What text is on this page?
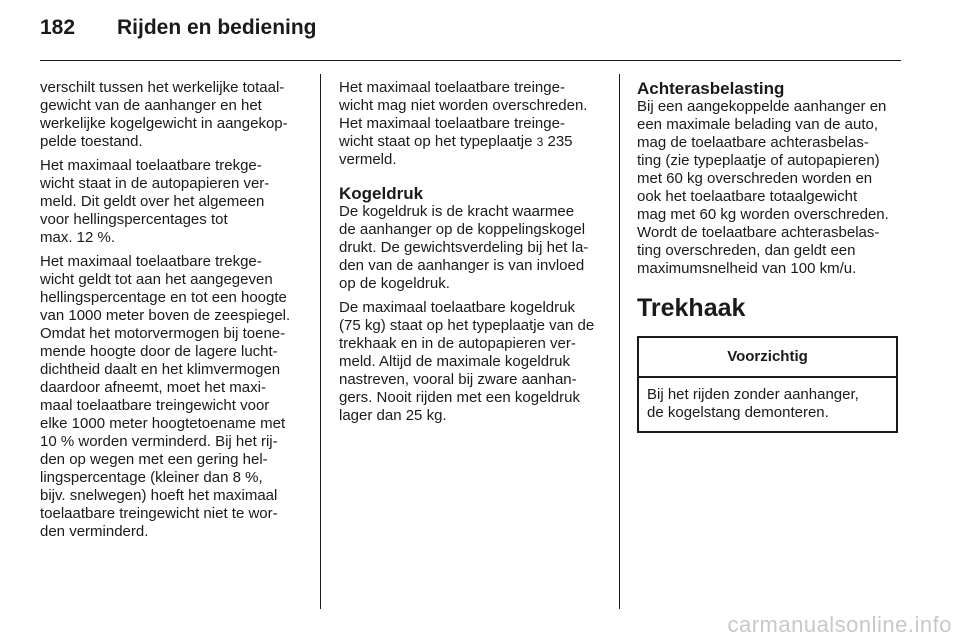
182 Rijden en bediening

verschilt tussen het werkelijke totaal-
gewicht van de aanhanger en het
werkelijke kogelgewicht in aangekop-
pelde toestand.

Het maximaal toelaatbare trekge-
wicht staat in de autopapieren ver-
meld. Dit geldt over het algemeen
voor hellingspercentages tot
max. 12 %.

Het maximaal toelaatbare trekge-
wicht geldt tot aan het aangegeven
hellingspercentage en tot een hoogte
van 1000 meter boven de zeespiegel.
Omdat het motorvermogen bij toene-
mende hoogte door de lagere lucht-
dichtheid daalt en het klimvermogen
daardoor afneemt, moet het maxi-
maal toelaatbare treingewicht voor
elke 1000 meter hoogtetoename met
10 % worden verminderd. Bij het rij-
den op wegen met een gering hel-
lingspercentage (kleiner dan 8 %,
bijv. snelwegen) hoeft het maximaal
toelaatbare treingewicht niet te wor-
den verminderd.

Het maximaal toelaatbare treinge-
wicht mag niet worden overschreden.
Het maximaal toelaatbare treinge-
wicht staat op het typeplaatje 3 235
vermeld.

Kogeldruk

De kogeldruk is de kracht waarmee
de aanhanger op de koppelingskogel
drukt. De gewichtsverdeling bij het la-
den van de aanhanger is van invloed
op de kogeldruk.

De maximaal toelaatbare kogeldruk
(75 kg) staat op het typeplaatje van de
trekhaak en in de autopapieren ver-
meld. Altijd de maximale kogeldruk
nastreven, vooral bij zware aanhan-
gers. Nooit rijden met een kogeldruk
lager dan 25 kg.

Achterasbelasting

Bij een aangekoppelde aanhanger en
een maximale belading van de auto,
mag de toelaatbare achterasbelas-
ting (zie typeplaatje of autopapieren)
met 60 kg overschreden worden en
ook het toelaatbare totaalgewicht
mag met 60 kg worden overschreden.
Wordt de toelaatbare achterasbelas-
ting overschreden, dan geldt een
maximumsnelheid van 100 km/u.

Trekhaak
Voorzichtig
Bij het rijden zonder aanhanger,
de kogelstang demonteren.
carmanualsonline.info
